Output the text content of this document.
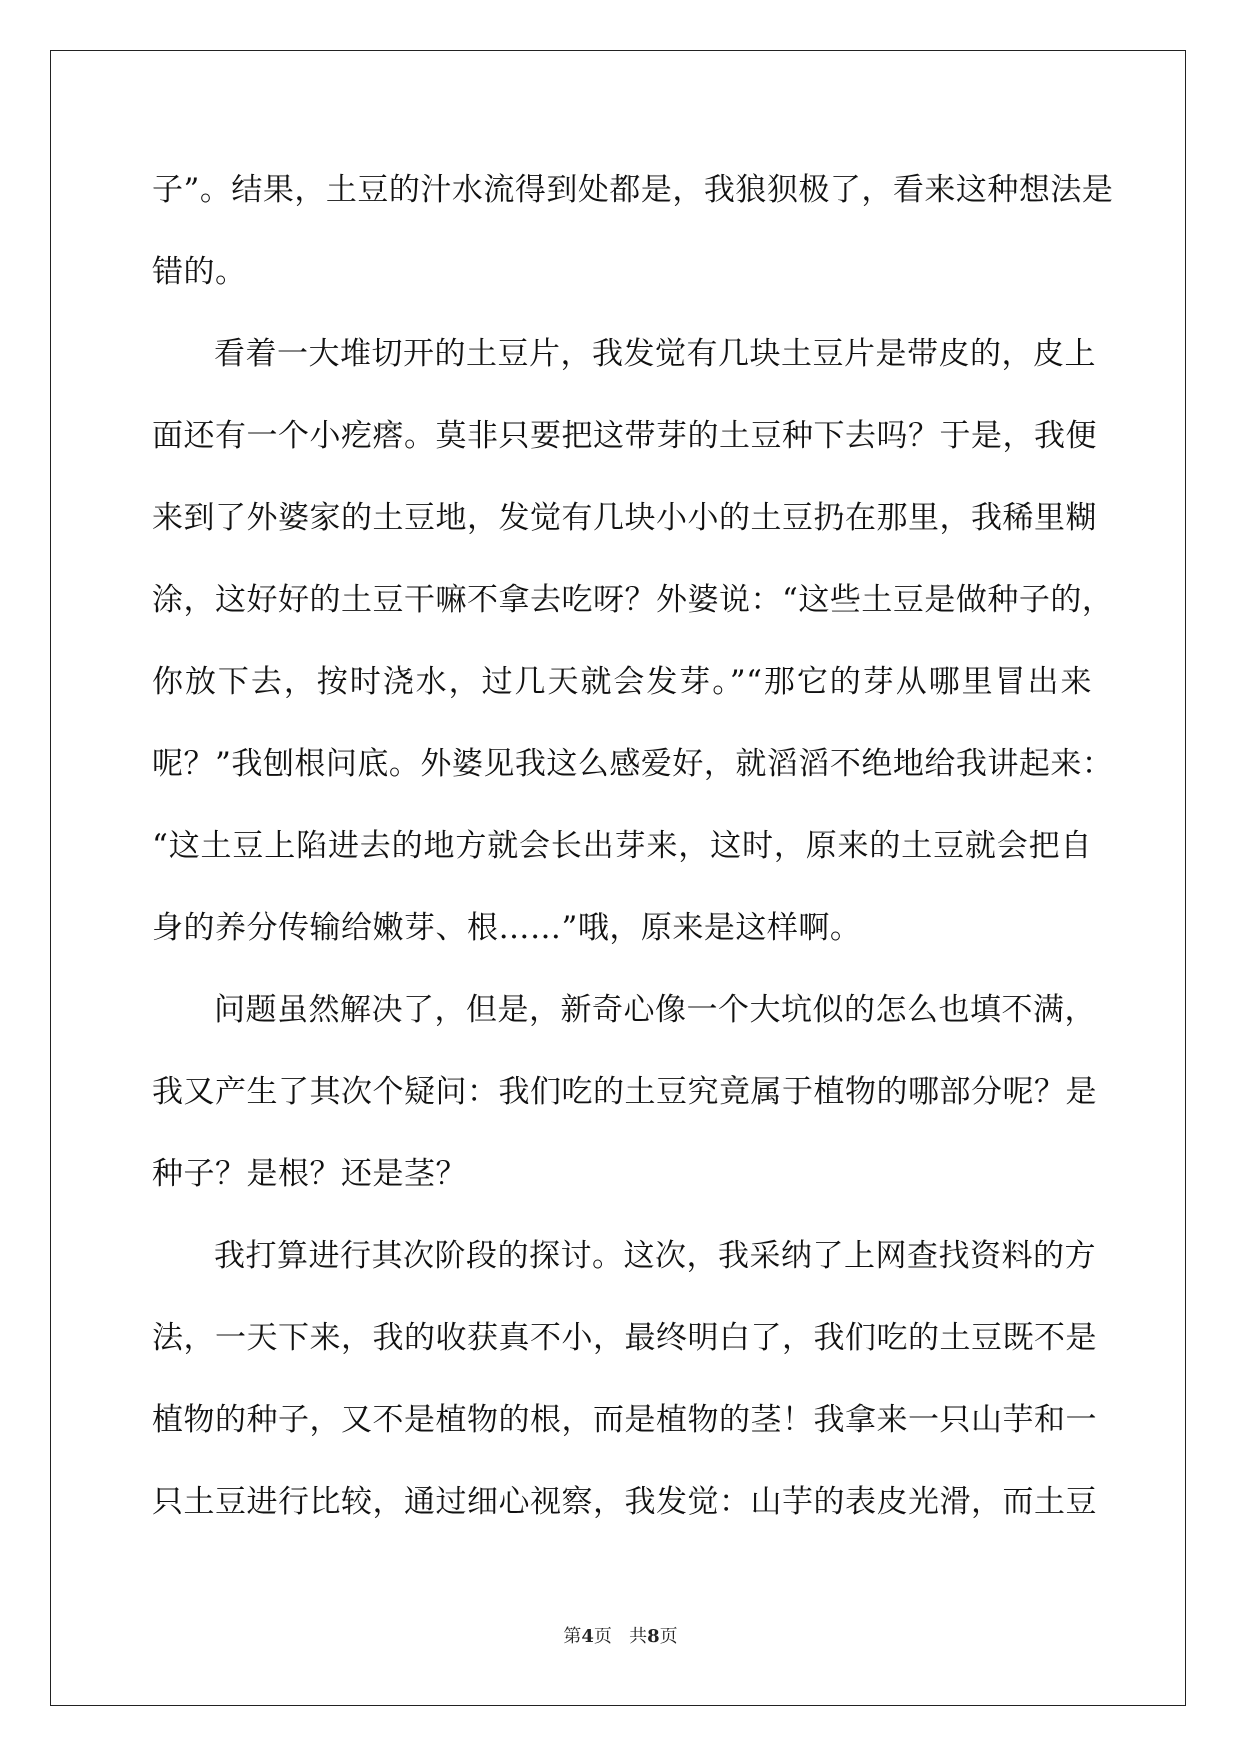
子”。结果，土豆的汁水流得到处都是，我狼狈极了，看来这种想法是
错的。
看着一大堆切开的土豆片，我发觉有几块土豆片是带皮的，皮上
面还有一个小疙瘩。莫非只要把这带芽的土豆种下去吗？于是，我便
来到了外婆家的土豆地，发觉有几块小小的土豆扔在那里，我稀里糊
涂，这好好的土豆干嘛不拿去吃呀？外婆说：“这些土豆是做种子的，
你放下去，按时浇水，过几天就会发芽。”“那它的芽从哪里冒出来
呢？”我刨根问底。外婆见我这么感爱好，就滔滔不绝地给我讲起来：
“这土豆上陷进去的地方就会长出芽来，这时，原来的土豆就会把自
身的养分传输给嫩芽、根……”哦，原来是这样啊。
问题虽然解决了，但是，新奇心像一个大坑似的怎么也填不满，
我又产生了其次个疑问：我们吃的土豆究竟属于植物的哪部分呢？是
种子？是根？还是茎？
我打算进行其次阶段的探讨。这次，我采纳了上网查找资料的方
法，一天下来，我的收获真不小，最终明白了，我们吃的土豆既不是
植物的种子，又不是植物的根，而是植物的茎！我拿来一只山芋和一
只土豆进行比较，通过细心视察，我发觉：山芋的表皮光滑，而土豆
第4页 共8页
